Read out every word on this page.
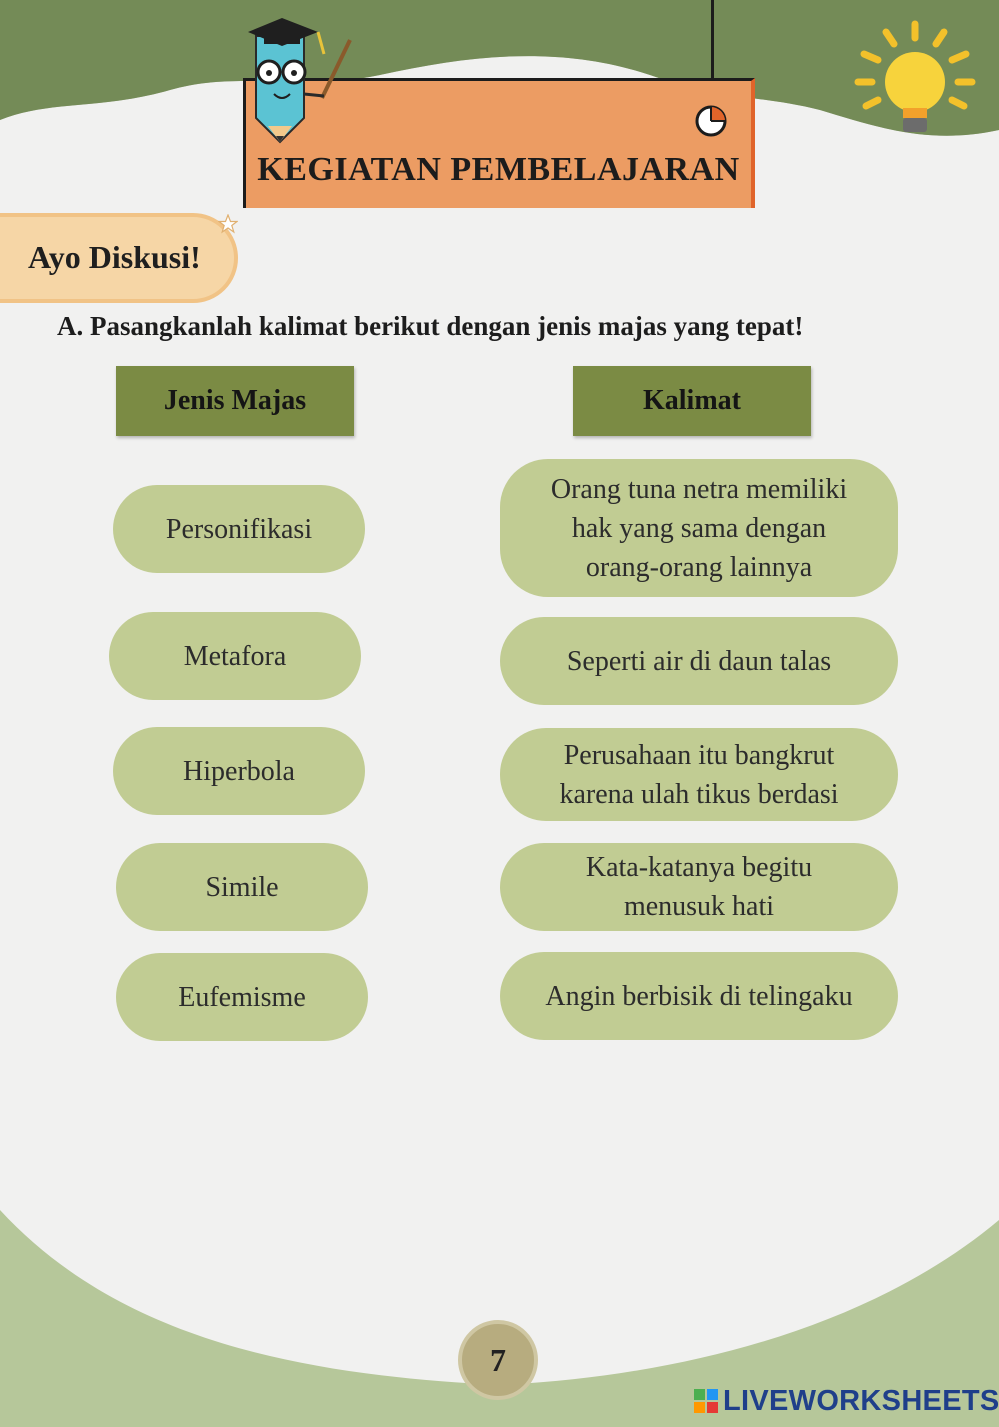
KEGIATAN PEMBELAJARAN
Ayo Diskusi!
A. Pasangkanlah kalimat berikut dengan jenis majas yang tepat!
Jenis Majas	Kalimat
Personifikasi
Metafora
Hiperbola
Simile
Eufemisme
Orang tuna netra memiliki hak yang sama dengan orang-orang lainnya
Seperti air di daun talas
Perusahaan itu bangkrut karena ulah tikus berdasi
Kata-katanya begitu menusuk hati
Angin berbisik di telingaku
7
LIVEWORKSHEETS
